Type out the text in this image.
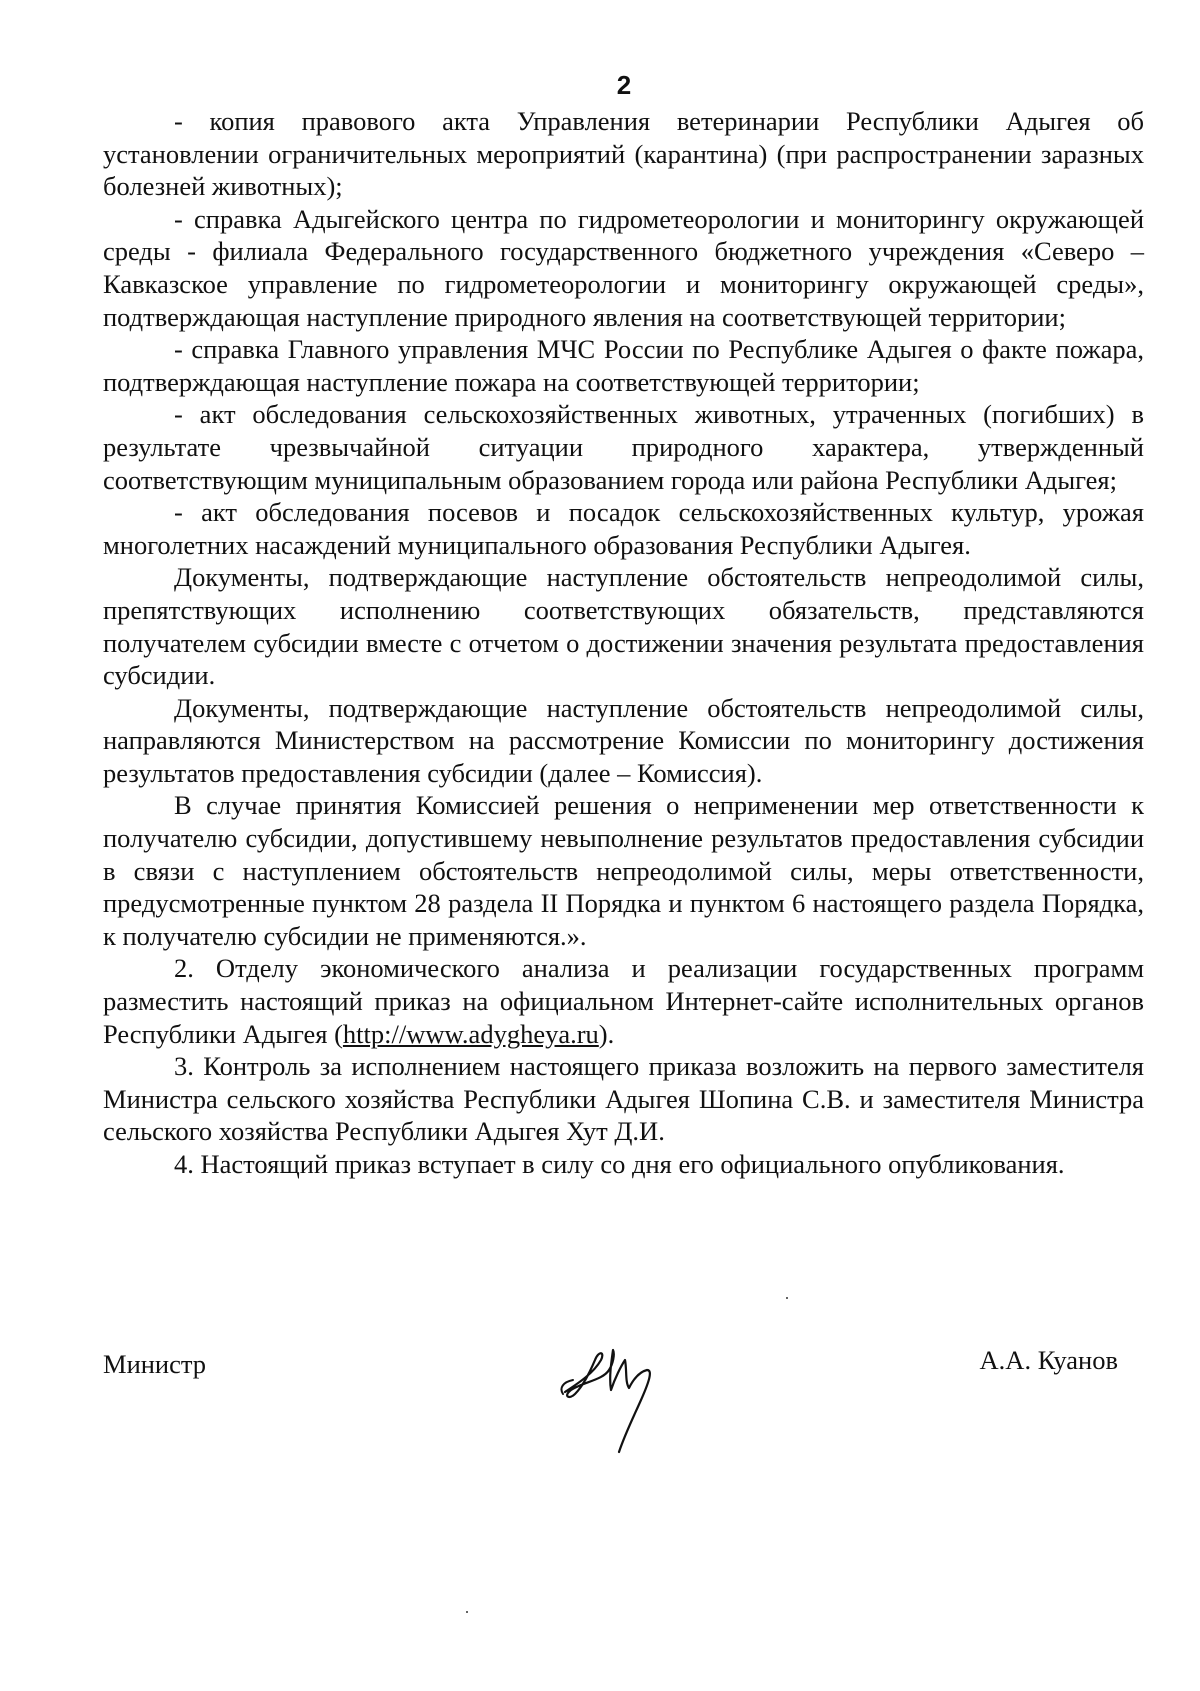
2

- копия правового акта Управления ветеринарии Республики Адыгея об установлении ограничительных мероприятий (карантина) (при распространении заразных болезней животных);

- справка Адыгейского центра по гидрометеорологии и мониторингу окружающей среды - филиала Федерального государственного бюджетного учреждения «Северо – Кавказское управление по гидрометеорологии и мониторингу окружающей среды», подтверждающая наступление природного явления на соответствующей территории;

- справка Главного управления МЧС России по Республике Адыгея о факте пожара, подтверждающая наступление пожара на соответствующей территории;

- акт обследования сельскохозяйственных животных, утраченных (погибших) в результате чрезвычайной ситуации природного характера, утвержденный соответствующим муниципальным образованием города или района Республики Адыгея;

- акт обследования посевов и посадок сельскохозяйственных культур, урожая многолетних насаждений муниципального образования Республики Адыгея.

Документы, подтверждающие наступление обстоятельств непреодолимой силы, препятствующих исполнению соответствующих обязательств, представляются получателем субсидии вместе с отчетом о достижении значения результата предоставления субсидии.

Документы, подтверждающие наступление обстоятельств непреодолимой силы, направляются Министерством на рассмотрение Комиссии по мониторингу достижения результатов предоставления субсидии (далее – Комиссия).

В случае принятия Комиссией решения о неприменении мер ответственности к получателю субсидии, допустившему невыполнение результатов предоставления субсидии в связи с наступлением обстоятельств непреодолимой силы, меры ответственности, предусмотренные пунктом 28 раздела II Порядка и пунктом 6 настоящего раздела Порядка, к получателю субсидии не применяются.».

2. Отделу экономического анализа и реализации государственных программ разместить настоящий приказ на официальном Интернет-сайте исполнительных органов Республики Адыгея (http://www.adygheya.ru).

3. Контроль за исполнением настоящего приказа возложить на первого заместителя Министра сельского хозяйства Республики Адыгея Шопина С.В. и заместителя Министра сельского хозяйства Республики Адыгея Хут Д.И.

4. Настоящий приказ вступает в силу со дня его официального опубликования.

Министр	А.А. Куанов
